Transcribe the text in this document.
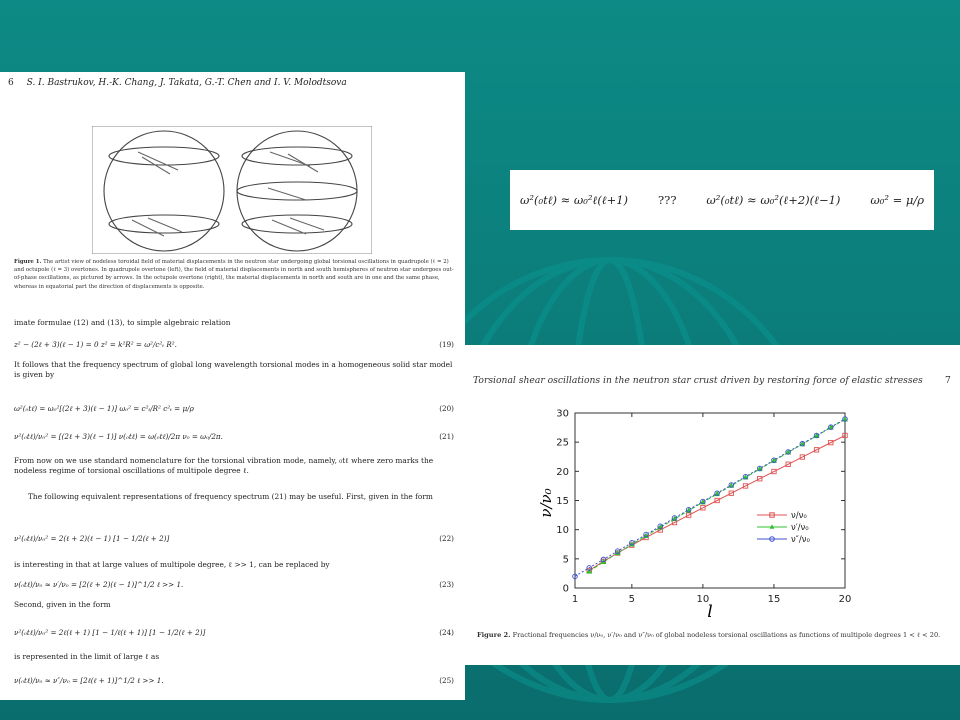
6 S. I. Bastrukov, H.-K. Chang, J. Takata, G.-T. Chen and I. V. Molodtsova
Figure 1. The artist view of nodeless toroidal field of material displacements in the neutron star undergoing global torsional oscillations in quadrupole (ℓ = 2) and octupole (ℓ = 3) overtones. In quadrupole overtone (left), the field of material displacements in north and south hemispheres of neutron star undergoes out-of-phase oscillations, as pictured by arrows. In the octupole overtone (right), the material displacements in north and south are in one and the same phase, whereas in equatorial part the direction of displacements is opposite.
imate formulae (12) and (13), to simple algebraic relation
z² − (2ℓ + 3)(ℓ − 1) = 0 z² = k²R² = ω²/c²ₜ R².	(19)
It follows that the frequency spectrum of global long wavelength torsional modes in a homogeneous solid star model is given by
ω²(₀tℓ) = ω₀²[(2ℓ + 3)(ℓ − 1)] ω₀² = c²ₜ/R² c²ₜ = μ/ρ	(20)
ν²(₀tℓ)/ν₀² = [(2ℓ + 3)(ℓ − 1)] ν(₀tℓ) = ω(₀tℓ)/2π ν₀ = ω₀/2π.	(21)
From now on we use standard nomenclature for the torsional vibration mode, namely, ₀tℓ where zero marks the nodeless regime of torsional oscillations of multipole degree ℓ.
The following equivalent representations of frequency spectrum (21) may be useful. First, given in the form
ν²(₀tℓ)/ν₀² = 2(ℓ + 2)(ℓ − 1) [1 − 1/2(ℓ + 2)]	(22)
is interesting in that at large values of multipole degree, ℓ >> 1, can be replaced by
ν(₀tℓ)/ν₀ ≈ ν′/ν₀ = [2(ℓ + 2)(ℓ − 1)]^1/2 ℓ >> 1.	(23)
Second, given in the form
ν²(₀tℓ)/ν₀² = 2ℓ(ℓ + 1) [1 − 1/ℓ(ℓ + 1)] [1 − 1/2(ℓ + 2)]	(24)
is represented in the limit of large ℓ as
ν(₀tℓ)/ν₀ ≈ ν″/ν₀ = [2ℓ(ℓ + 1)]^1/2 ℓ >> 1.	(25)
ω²(₀tℓ) ≈ ω₀²ℓ(ℓ+1)	???	ω²(₀tℓ) ≈ ω₀²(ℓ+2)(ℓ−1)	ω₀² = μ/ρ
Torsional shear oscillations in the neutron star crust driven by restoring force of elastic stresses 7
1	5	10	15	20
0
5
10
15
20
25
30
ν/ν₀
ν′/ν₀
ν″/ν₀
ν/ν₀
l
Figure 2. Fractional frequencies ν/ν₀, ν′/ν₀ and ν″/ν₀ of global nodeless torsional oscillations as functions of multipole degrees 1 < ℓ < 20.
